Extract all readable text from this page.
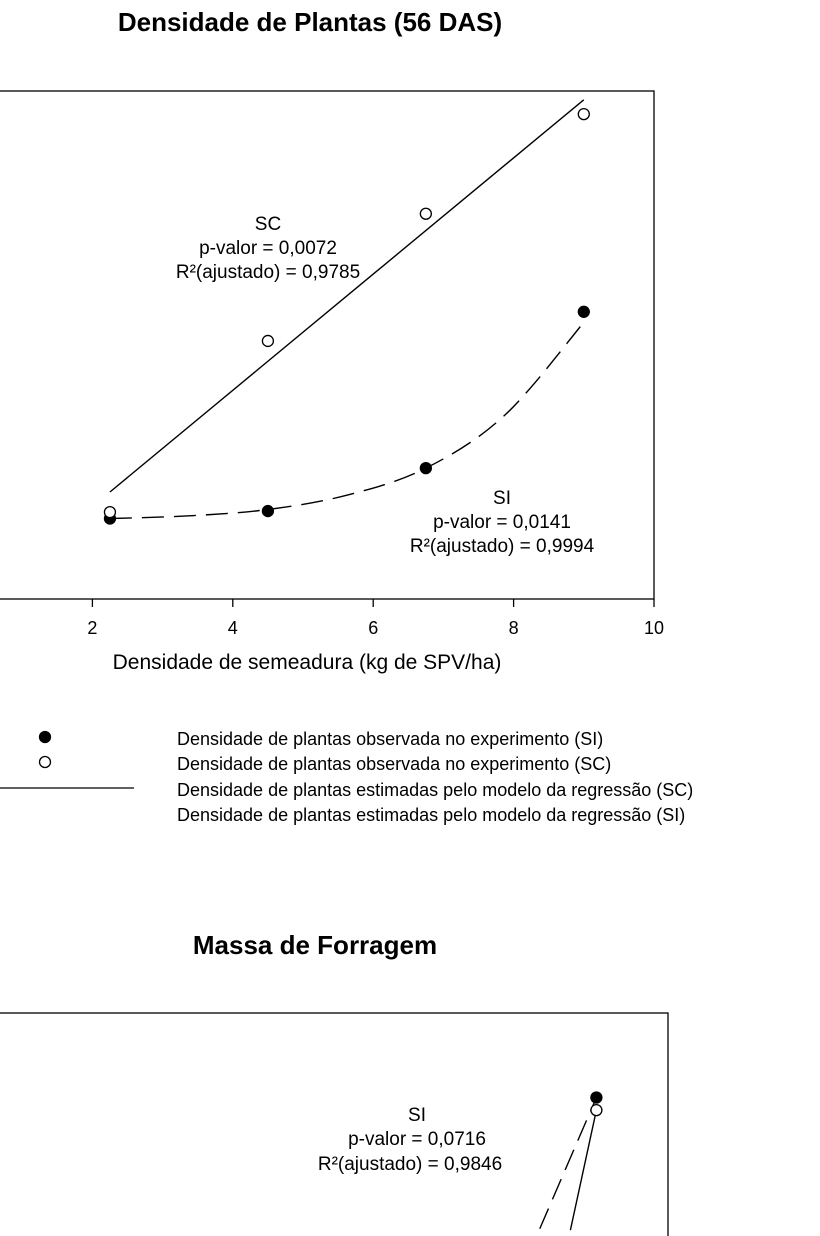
Densidade de Plantas (56 DAS)
2	4	6	8	10
SC
p-valor = 0,0072
R²(ajustado) = 0,9785
SI
p-valor = 0,0141
R²(ajustado) = 0,9994
Densidade de semeadura (kg de SPV/ha)
Densidade de plantas observada no experimento (SI)
Densidade de plantas observada no experimento (SC)
Densidade de plantas estimadas pelo modelo da regressão (SC)
Densidade de plantas estimadas pelo modelo da regressão (SI)
Massa de Forragem
SI
p-valor = 0,0716
R²(ajustado) = 0,9846
